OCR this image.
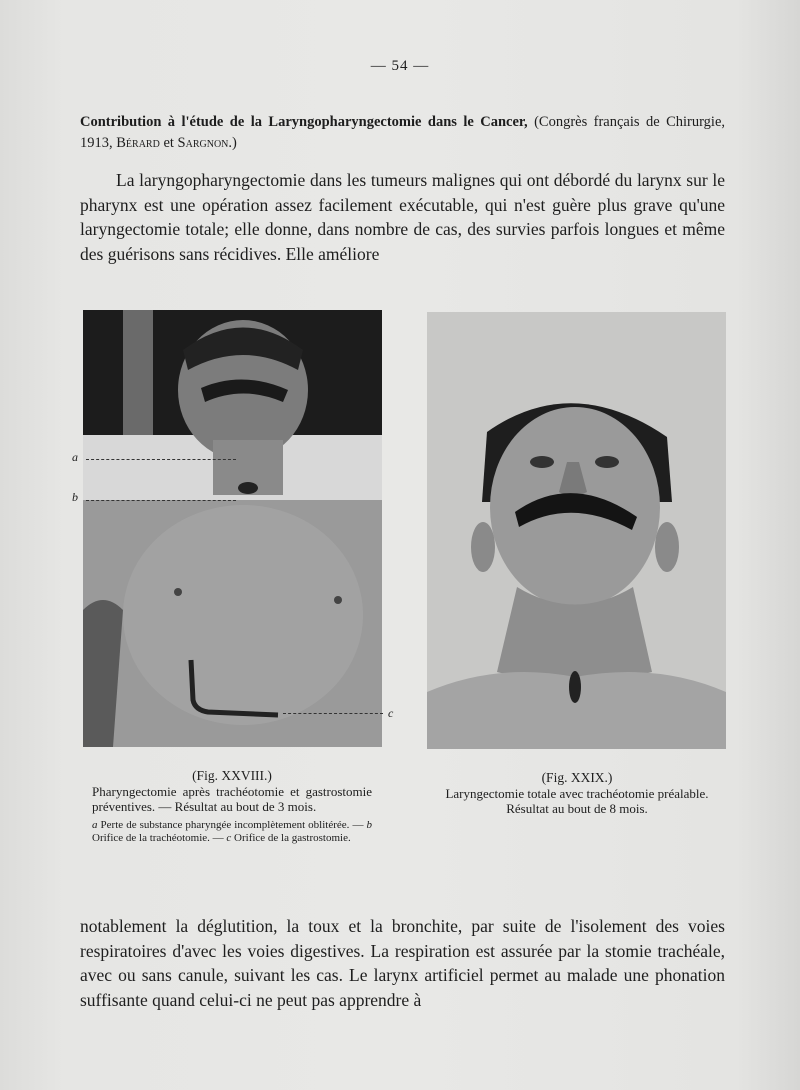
— 54 —
Contribution à l'étude de la Laryngopharyngectomie dans le Cancer, (Congrès français de Chirurgie, 1913, Bérard et Sargnon.)
La laryngopharyngectomie dans les tumeurs malignes qui ont débordé du larynx sur le pharynx est une opération assez facilement exécutable, qui n'est guère plus grave qu'une laryngectomie totale; elle donne, dans nombre de cas, des survies parfois longues et même des guérisons sans récidives. Elle améliore
a
b
c
(Fig. XXVIII.)
Pharyngectomie après trachéotomie et gastrostomie préventives. — Résultat au bout de 3 mois.
a Perte de substance pharyngée incomplètement oblitérée. — b Orifice de la trachéotomie. — c Orifice de la gastrostomie.
(Fig. XXIX.)
Laryngectomie totale avec trachéotomie préalable.
Résultat au bout de 8 mois.
notablement la déglutition, la toux et la bronchite, par suite de l'isolement des voies respiratoires d'avec les voies digestives. La respiration est assurée par la stomie trachéale, avec ou sans canule, suivant les cas. Le larynx artificiel permet au malade une phonation suffisante quand celui-ci ne peut pas apprendre à
